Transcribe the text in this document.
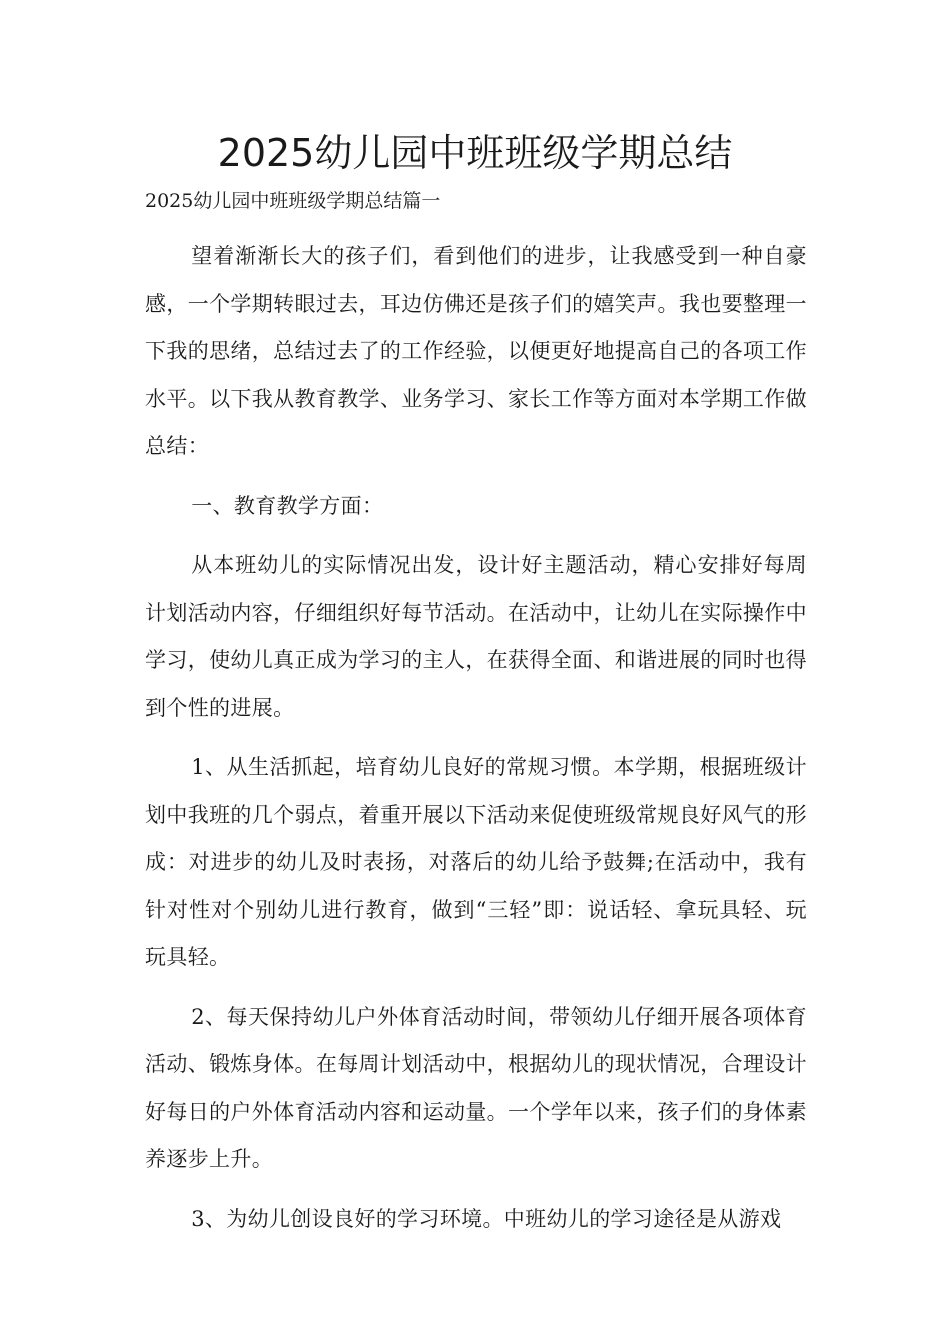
2025幼儿园中班班级学期总结

2025幼儿园中班班级学期总结篇一

望着渐渐长大的孩子们，看到他们的进步，让我感受到一种自豪感，一个学期转眼过去，耳边仿佛还是孩子们的嬉笑声。我也要整理一下我的思绪，总结过去了的工作经验，以便更好地提高自己的各项工作水平。以下我从教育教学、业务学习、家长工作等方面对本学期工作做总结：

一、教育教学方面：

从本班幼儿的实际情况出发，设计好主题活动，精心安排好每周计划活动内容，仔细组织好每节活动。在活动中，让幼儿在实际操作中学习，使幼儿真正成为学习的主人，在获得全面、和谐进展的同时也得到个性的进展。

1、从生活抓起，培育幼儿良好的常规习惯。本学期，根据班级计划中我班的几个弱点，着重开展以下活动来促使班级常规良好风气的形成：对进步的幼儿及时表扬，对落后的幼儿给予鼓舞;在活动中，我有针对性对个别幼儿进行教育，做到“三轻”即：说话轻、拿玩具轻、玩玩具轻。

2、每天保持幼儿户外体育活动时间，带领幼儿仔细开展各项体育活动、锻炼身体。在每周计划活动中，根据幼儿的现状情况，合理设计好每日的户外体育活动内容和运动量。一个学年以来，孩子们的身体素养逐步上升。

3、为幼儿创设良好的学习环境。中班幼儿的学习途径是从游戏
